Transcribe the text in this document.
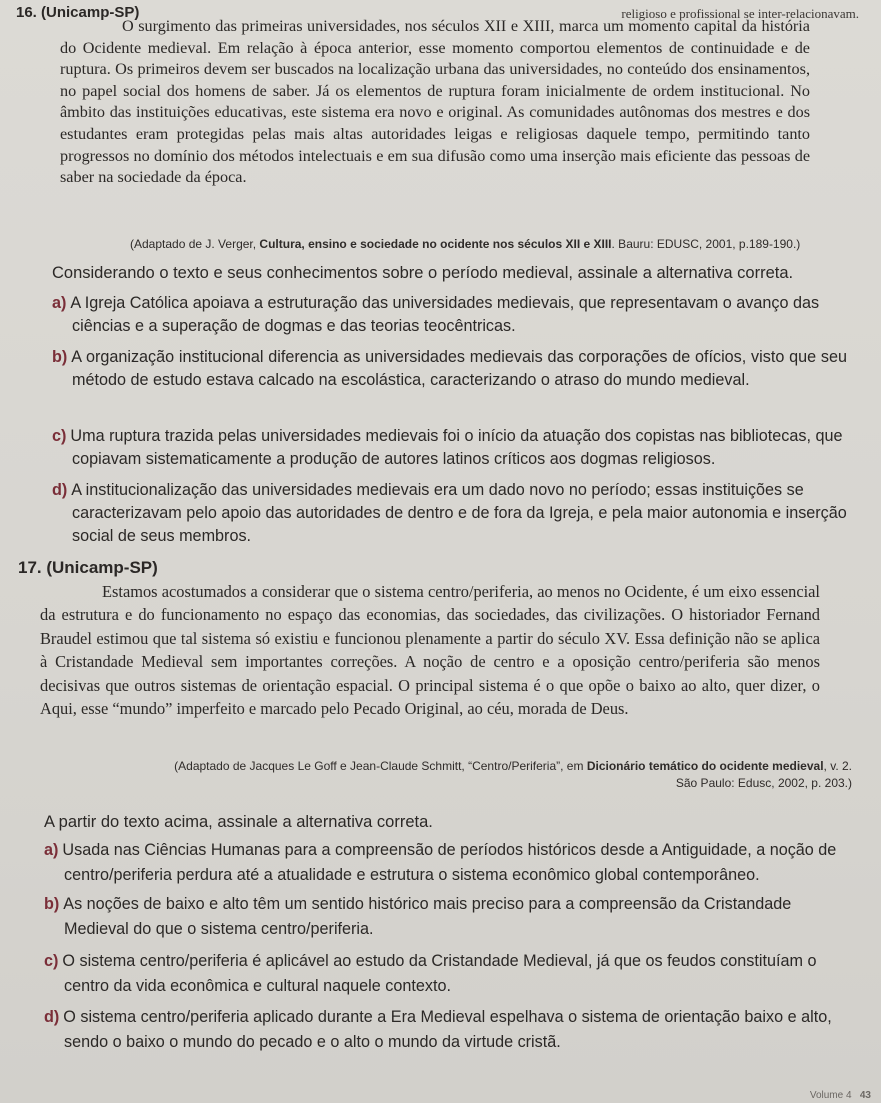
16. (Unicamp-SP)	religioso e profissional se inter-relacionavam.

O surgimento das primeiras universidades, nos séculos XII e XIII, marca um momento capital da história do Ocidente medieval. Em relação à época anterior, esse momento comportou elementos de continuidade e de ruptura. Os primeiros devem ser buscados na localização urbana das universidades, no conteúdo dos ensinamentos, no papel social dos homens de saber. Já os elementos de ruptura foram inicialmente de ordem institucional. No âmbito das instituições educativas, este sistema era novo e original. As comunidades autônomas dos mestres e dos estudantes eram protegidas pelas mais altas autoridades leigas e religiosas daquele tempo, permitindo tanto progressos no domínio dos métodos intelectuais e em sua difusão como uma inserção mais eficiente das pessoas de saber na sociedade da época.

(Adaptado de J. Verger, Cultura, ensino e sociedade no ocidente nos séculos XII e XIII. Bauru: EDUSC, 2001, p.189-190.)
Considerando o texto e seus conhecimentos sobre o período medieval, assinale a alternativa correta.
a) A Igreja Católica apoiava a estruturação das universidades medievais, que representavam o avanço das ciências e a superação de dogmas e das teorias teocêntricas.
b) A organização institucional diferencia as universidades medievais das corporações de ofícios, visto que seu método de estudo estava calcado na escolástica, caracterizando o atraso do mundo medieval.
c) Uma ruptura trazida pelas universidades medievais foi o início da atuação dos copistas nas bibliotecas, que copiavam sistematicamente a produção de autores latinos críticos aos dogmas religiosos.
d) A institucionalização das universidades medievais era um dado novo no período; essas instituições se caracterizavam pelo apoio das autoridades de dentro e de fora da Igreja, e pela maior autonomia e inserção social de seus membros.
17. (Unicamp-SP)

Estamos acostumados a considerar que o sistema centro/periferia, ao menos no Ocidente, é um eixo essencial da estrutura e do funcionamento no espaço das economias, das sociedades, das civilizações. O historiador Fernand Braudel estimou que tal sistema só existiu e funcionou plenamente a partir do século XV. Essa definição não se aplica à Cristandade Medieval sem importantes correções. A noção de centro e a oposição centro/periferia são menos decisivas que outros sistemas de orientação espacial. O principal sistema é o que opõe o baixo ao alto, quer dizer, o Aqui, esse “mundo” imperfeito e marcado pelo Pecado Original, ao céu, morada de Deus.

(Adaptado de Jacques Le Goff e Jean-Claude Schmitt, “Centro/Periferia”, em Dicionário temático do ocidente medieval, v. 2.
São Paulo: Edusc, 2002, p. 203.)
A partir do texto acima, assinale a alternativa correta.
a) Usada nas Ciências Humanas para a compreensão de períodos históricos desde a Antiguidade, a noção de centro/periferia perdura até a atualidade e estrutura o sistema econômico global contemporâneo.
b) As noções de baixo e alto têm um sentido histórico mais preciso para a compreensão da Cristandade Medieval do que o sistema centro/periferia.
c) O sistema centro/periferia é aplicável ao estudo da Cristandade Medieval, já que os feudos constituíam o centro da vida econômica e cultural naquele contexto.
d) O sistema centro/periferia aplicado durante a Era Medieval espelhava o sistema de orientação baixo e alto, sendo o baixo o mundo do pecado e o alto o mundo da virtude cristã.
Volume 4 43
